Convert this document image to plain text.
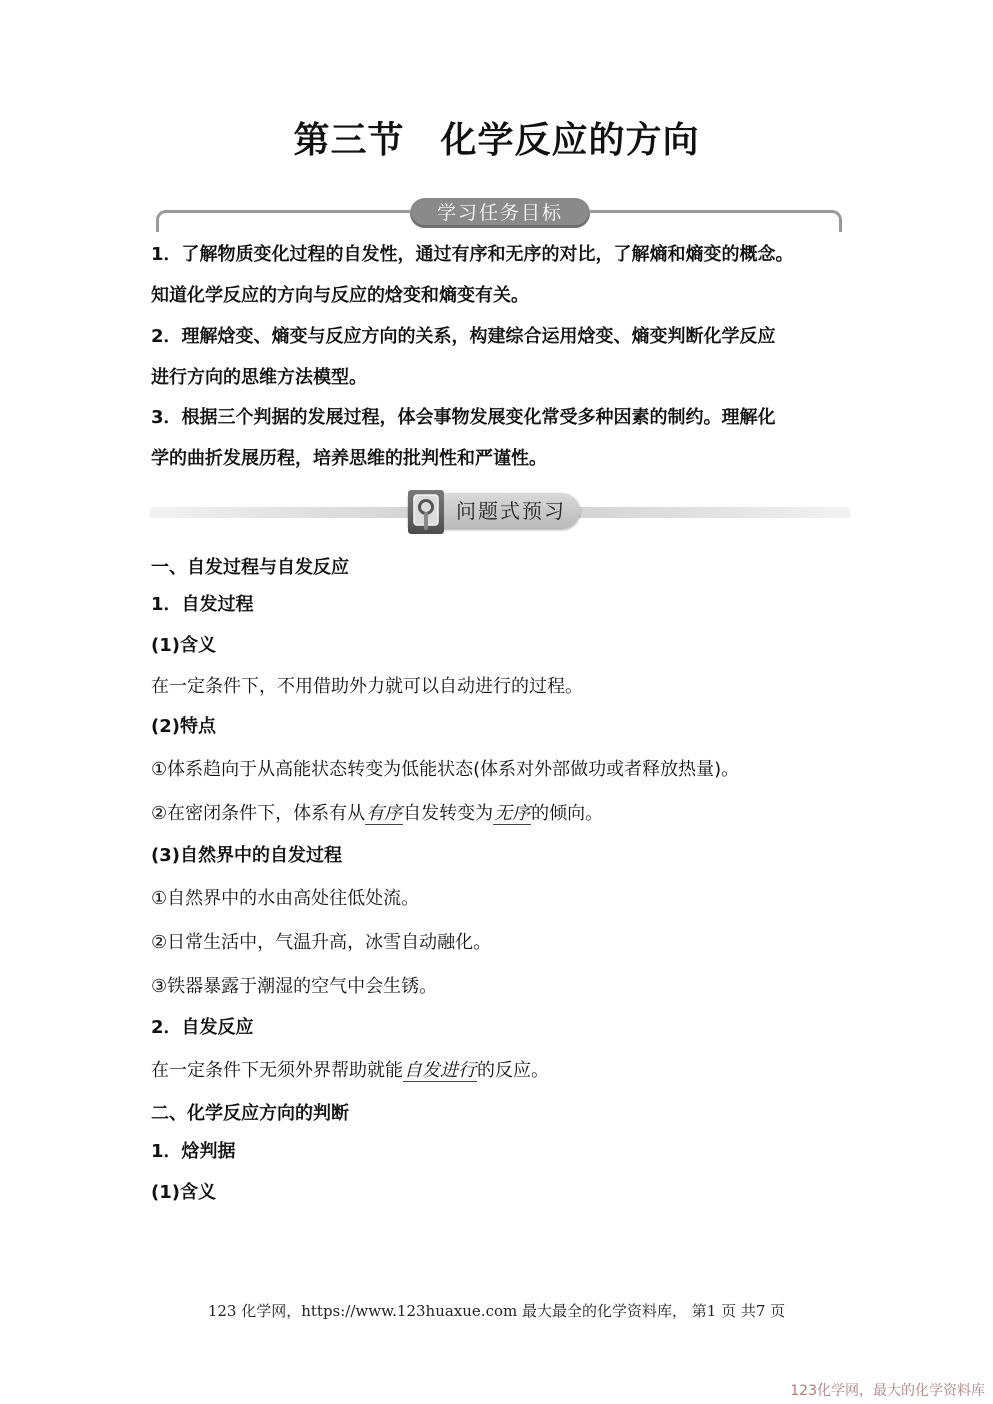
第三节 化学反应的方向
学习任务目标
1．了解物质变化过程的自发性，通过有序和无序的对比，了解熵和熵变的概念。
知道化学反应的方向与反应的焓变和熵变有关。
2．理解焓变、熵变与反应方向的关系，构建综合运用焓变、熵变判断化学反应
进行方向的思维方法模型。
3．根据三个判据的发展过程，体会事物发展变化常受多种因素的制约。理解化
学的曲折发展历程，培养思维的批判性和严谨性。
问题式预习
一、自发过程与自发反应
1．自发过程
(1)含义
在一定条件下，不用借助外力就可以自动进行的过程。
(2)特点
①体系趋向于从高能状态转变为低能状态(体系对外部做功或者释放热量)。
②在密闭条件下，体系有从有序自发转变为无序的倾向。
(3)自然界中的自发过程
①自然界中的水由高处往低处流。
②日常生活中，气温升高，冰雪自动融化。
③铁器暴露于潮湿的空气中会生锈。
2．自发反应
在一定条件下无须外界帮助就能自发进行的反应。
二、化学反应方向的判断
1．焓判据
(1)含义
123 化学网，https://www.123huaxue.com 最大最全的化学资料库， 第1 页 共7 页
123化学网，最大的化学资料库
